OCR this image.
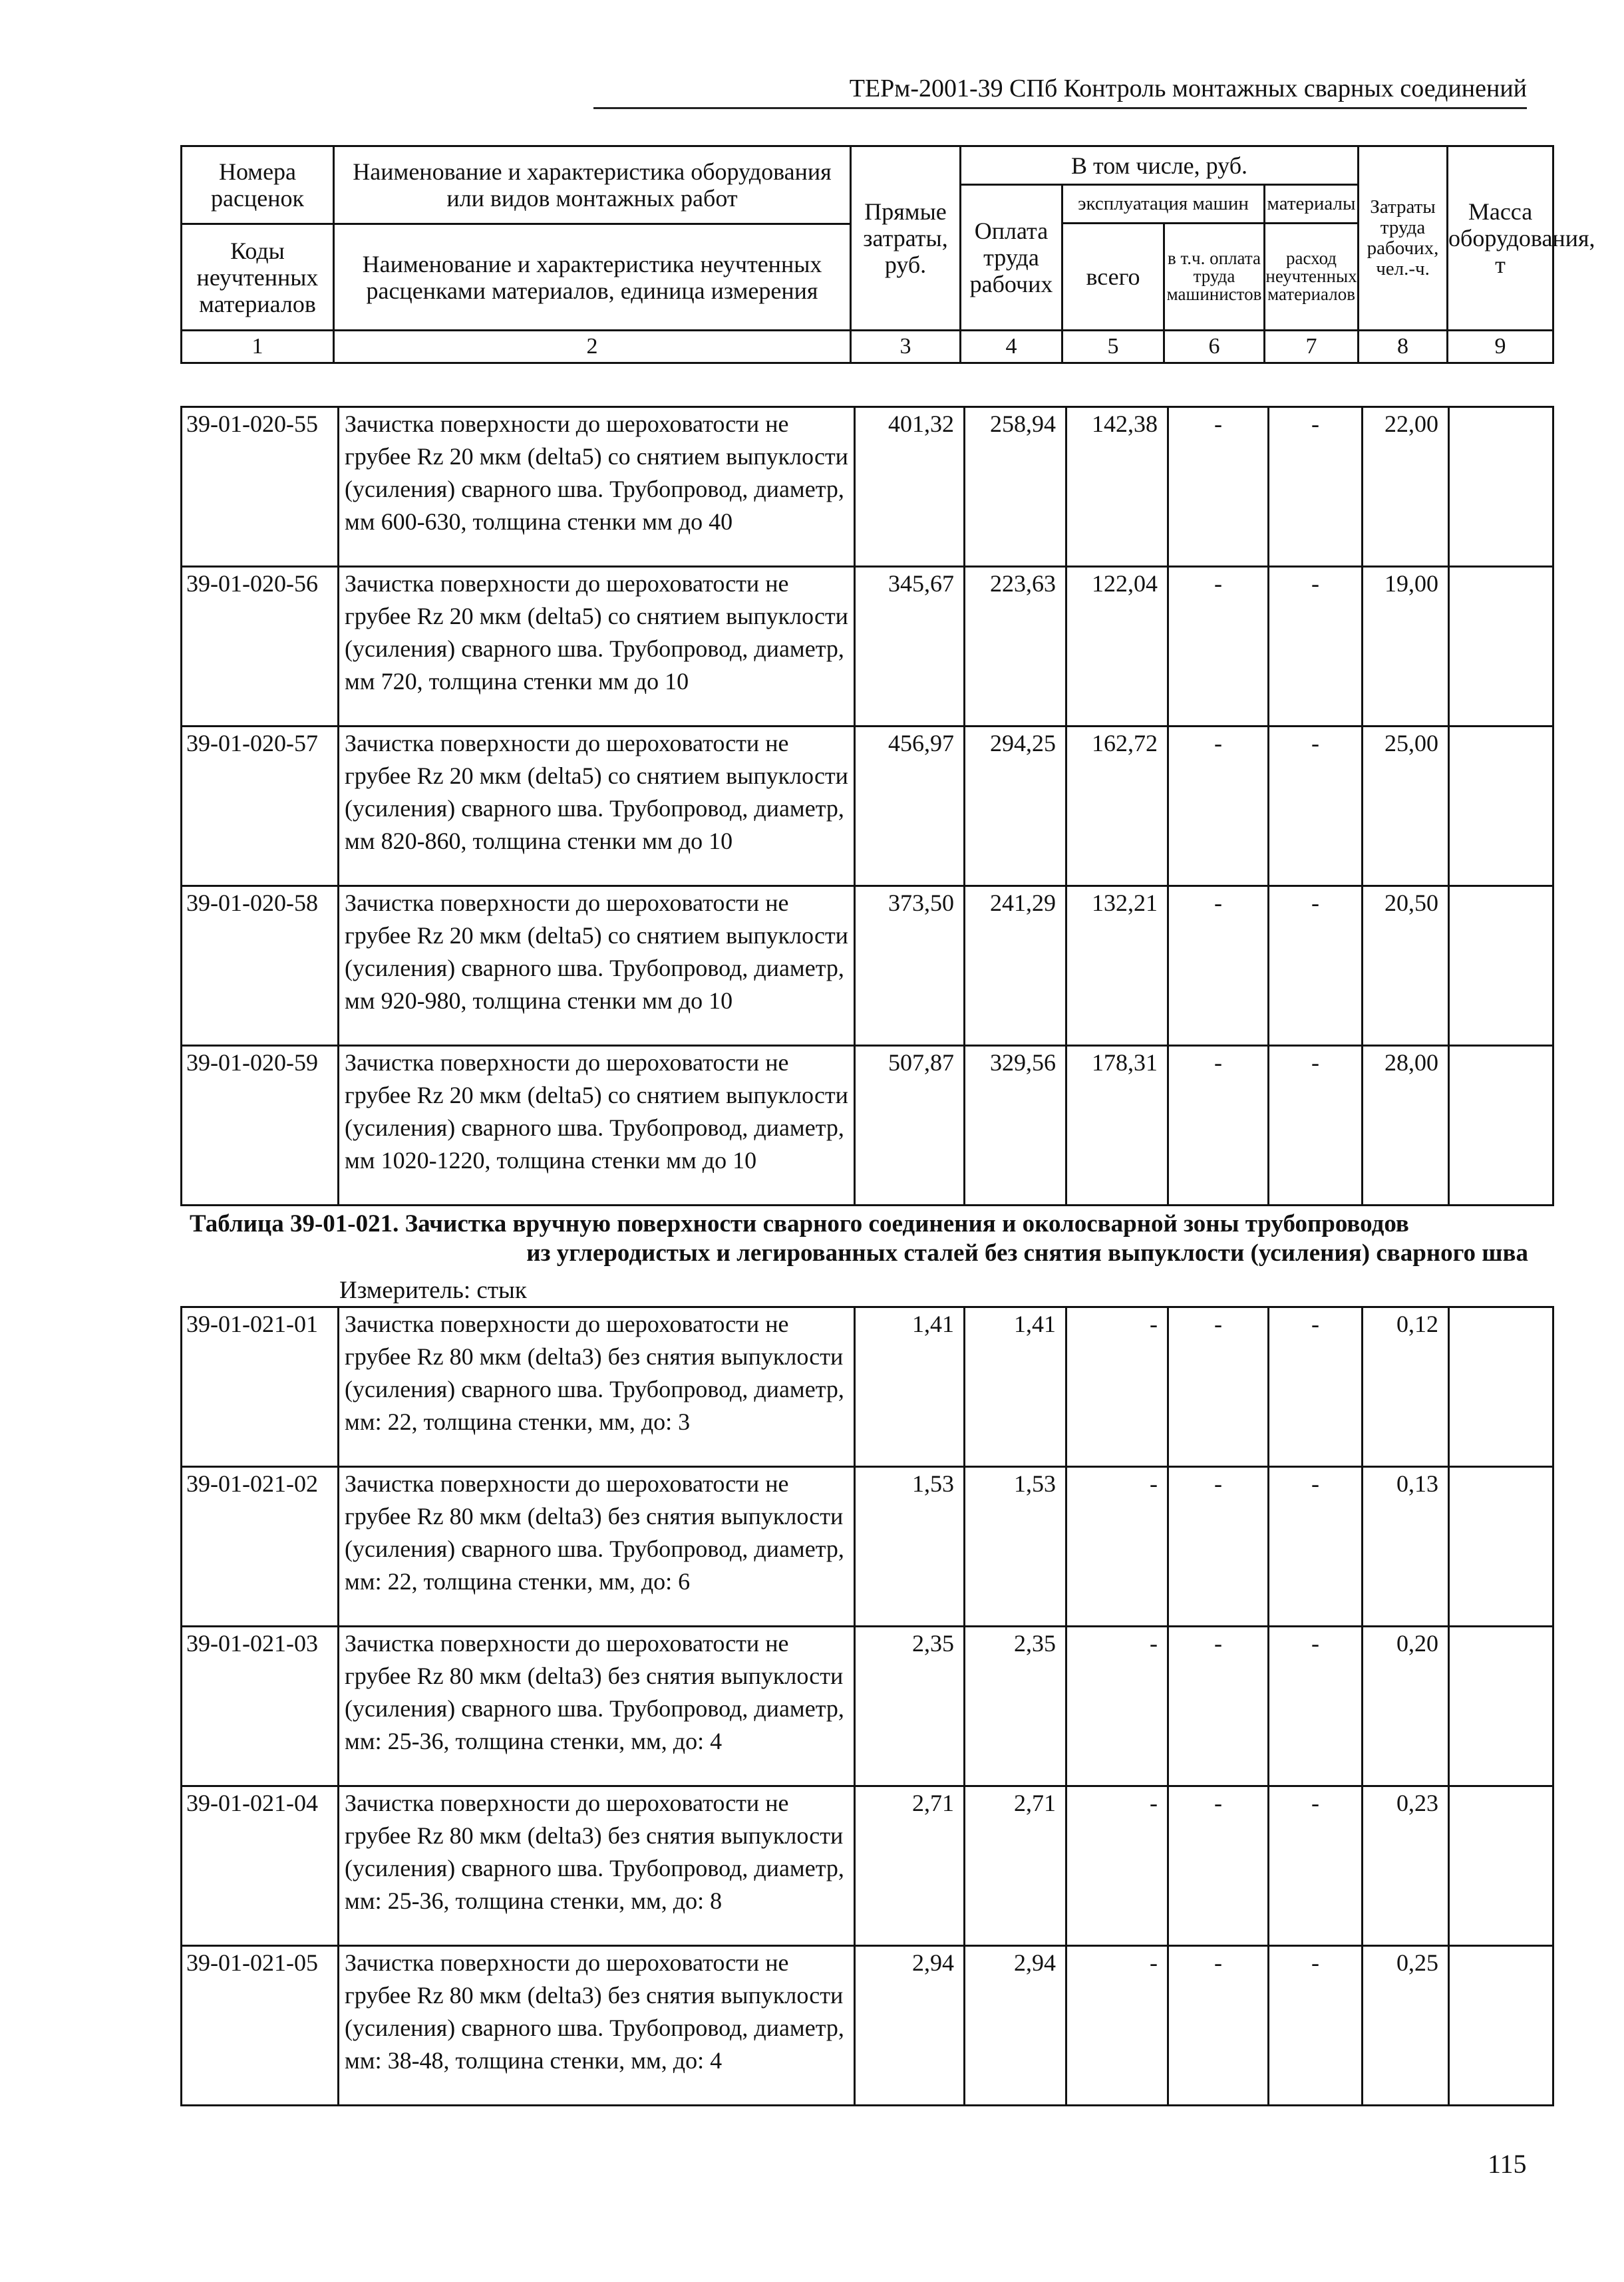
ТЕРм-2001-39 СПб Контроль монтажных сварных соединений
Номера расценок	Наименование и характеристика оборудования или видов монтажных работ	Прямые затраты, руб.	В том числе, руб.				Затраты труда рабочих, чел.-ч.	Масса оборудования, т
			Оплата труда рабочих	эксплуатация машин		материалы		
				всего	в т.ч. оплата труда машинистов	расход неучтенных материалов		
Коды неучтенных материалов	Наименование и характеристика неучтенных расценками материалов, единица измерения							

1	2	3	4	5	6	7	8	9
39-01-020-55	Зачистка поверхности до шероховатости не грубее Rz 20 мкм (delta5) со снятием выпуклости (усиления) сварного шва. Трубопровод, диаметр, мм 600-630, толщина стенки мм до 40	401,32	258,94	142,38	-	-	22,00	
39-01-020-56	Зачистка поверхности до шероховатости не грубее Rz 20 мкм (delta5) со снятием выпуклости (усиления) сварного шва. Трубопровод, диаметр, мм 720, толщина стенки мм до 10	345,67	223,63	122,04	-	-	19,00	
39-01-020-57	Зачистка поверхности до шероховатости не грубее Rz 20 мкм (delta5) со снятием выпуклости (усиления) сварного шва. Трубопровод, диаметр, мм 820-860, толщина стенки мм до 10	456,97	294,25	162,72	-	-	25,00	
39-01-020-58	Зачистка поверхности до шероховатости не грубее Rz 20 мкм (delta5) со снятием выпуклости (усиления) сварного шва. Трубопровод, диаметр, мм 920-980, толщина стенки мм до 10	373,50	241,29	132,21	-	-	20,50	
39-01-020-59	Зачистка поверхности до шероховатости не грубее Rz 20 мкм (delta5) со снятием выпуклости (усиления) сварного шва. Трубопровод, диаметр, мм 1020-1220, толщина стенки мм до 10	507,87	329,56	178,31	-	-	28,00	
Таблица 39-01-021. Зачистка вручную поверхности сварного соединения и околосварной зоны трубопроводов
из углеродистых и легированных сталей без снятия выпуклости (усиления) сварного шва
Измеритель: стык
39-01-021-01	Зачистка поверхности до шероховатости не грубее Rz 80 мкм (delta3) без снятия выпуклости (усиления) сварного шва. Трубопровод, диаметр, мм: 22, толщина стенки, мм, до: 3	1,41	1,41	-	-	-	0,12	
39-01-021-02	Зачистка поверхности до шероховатости не грубее Rz 80 мкм (delta3) без снятия выпуклости (усиления) сварного шва. Трубопровод, диаметр, мм: 22, толщина стенки, мм, до: 6	1,53	1,53	-	-	-	0,13	
39-01-021-03	Зачистка поверхности до шероховатости не грубее Rz 80 мкм (delta3) без снятия выпуклости (усиления) сварного шва. Трубопровод, диаметр, мм: 25-36, толщина стенки, мм, до: 4	2,35	2,35	-	-	-	0,20	
39-01-021-04	Зачистка поверхности до шероховатости не грубее Rz 80 мкм (delta3) без снятия выпуклости (усиления) сварного шва. Трубопровод, диаметр, мм: 25-36, толщина стенки, мм, до: 8	2,71	2,71	-	-	-	0,23	
39-01-021-05	Зачистка поверхности до шероховатости не грубее Rz 80 мкм (delta3) без снятия выпуклости (усиления) сварного шва. Трубопровод, диаметр, мм: 38-48, толщина стенки, мм, до: 4	2,94	2,94	-	-	-	0,25	
115
